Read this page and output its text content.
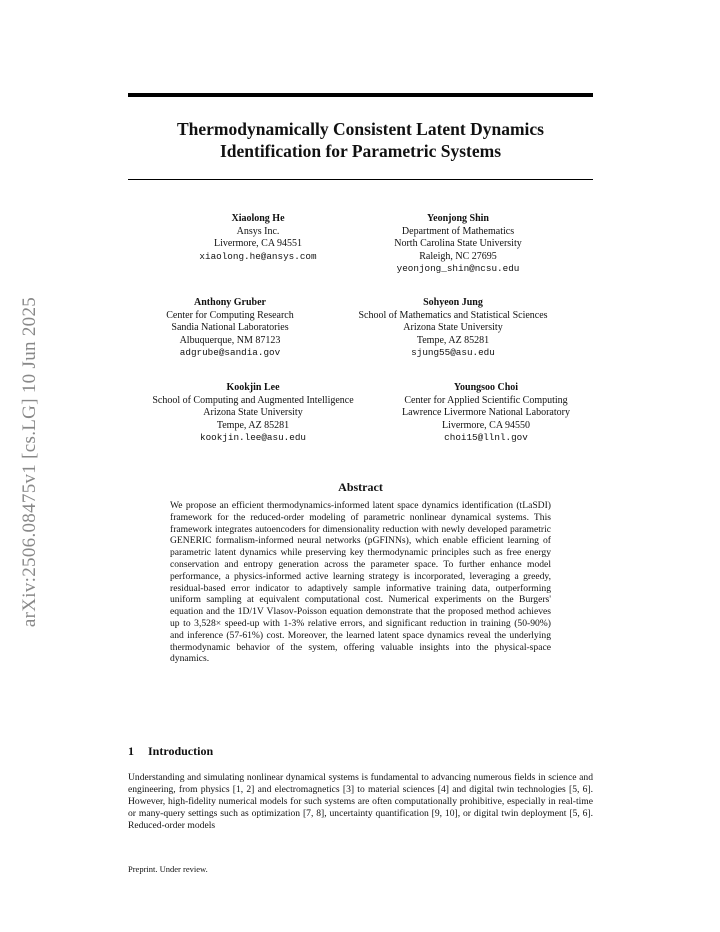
arXiv:2506.08475v1 [cs.LG] 10 Jun 2025
Thermodynamically Consistent Latent Dynamics
Identification for Parametric Systems
Xiaolong He
Ansys Inc.
Livermore, CA 94551
xiaolong.he@ansys.com
Yeonjong Shin
Department of Mathematics
North Carolina State University
Raleigh, NC 27695
yeonjong_shin@ncsu.edu
Anthony Gruber
Center for Computing Research
Sandia National Laboratories
Albuquerque, NM 87123
adgrube@sandia.gov
Sohyeon Jung
School of Mathematics and Statistical Sciences
Arizona State University
Tempe, AZ 85281
sjung55@asu.edu
Kookjin Lee
School of Computing and Augmented Intelligence
Arizona State University
Tempe, AZ 85281
kookjin.lee@asu.edu
Youngsoo Choi
Center for Applied Scientific Computing
Lawrence Livermore National Laboratory
Livermore, CA 94550
choi15@llnl.gov
Abstract
We propose an efficient thermodynamics-informed latent space dynamics identification (tLaSDI) framework for the reduced-order modeling of parametric nonlinear dynamical systems. This framework integrates autoencoders for dimensionality reduction with newly developed parametric GENERIC formalism-informed neural networks (pGFINNs), which enable efficient learning of parametric latent dynamics while preserving key thermodynamic principles such as free energy conservation and entropy generation across the parameter space. To further enhance model performance, a physics-informed active learning strategy is incorporated, leveraging a greedy, residual-based error indicator to adaptively sample informative training data, outperforming uniform sampling at equivalent computational cost. Numerical experiments on the Burgers' equation and the 1D/1V Vlasov-Poisson equation demonstrate that the proposed method achieves up to 3,528× speed-up with 1-3% relative errors, and significant reduction in training (50-90%) and inference (57-61%) cost. Moreover, the learned latent space dynamics reveal the underlying thermodynamic behavior of the system, offering valuable insights into the physical-space dynamics.
1 Introduction
Understanding and simulating nonlinear dynamical systems is fundamental to advancing numerous fields in science and engineering, from physics [1, 2] and electromagnetics [3] to material sciences [4] and digital twin technologies [5, 6]. However, high-fidelity numerical models for such systems are often computationally prohibitive, especially in real-time or many-query settings such as optimization [7, 8], uncertainty quantification [9, 10], or digital twin deployment [5, 6]. Reduced-order models
Preprint. Under review.
